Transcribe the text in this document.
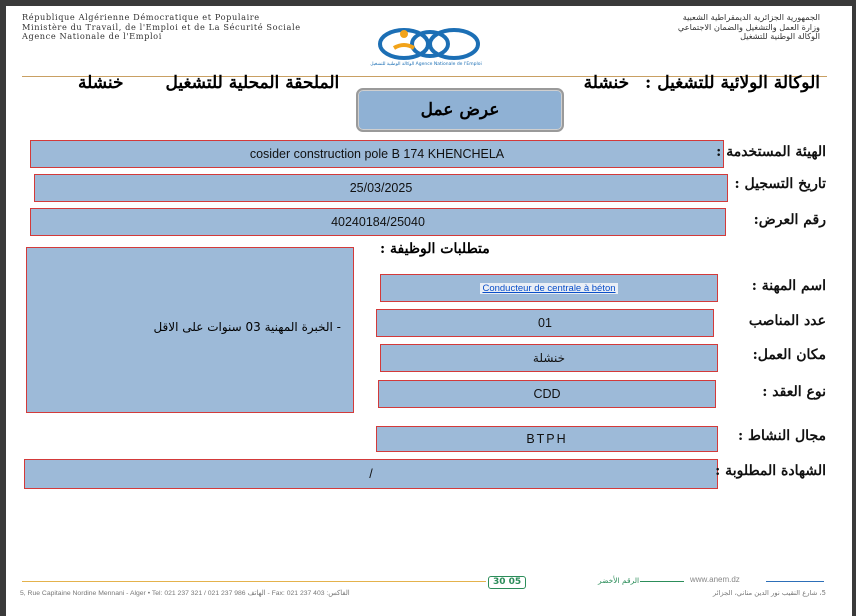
République Algérienne Démocratique et Populaire
Ministère du Travail, de l'Emploi et de La Sécurité Sociale
Agence Nationale de l'Emploi
الجمهورية الجزائرية الديمقراطية الشعبية
وزارة العمل والتشغيل والضمان الاجتماعي
الوكالة الوطنية للتشغيل
الوكالة الوطنية للتشغيل Agence Nationale de l'Emploi
الوكالة الولائية للتشغيل : خنشلة
الملحقة المحلية للتشغيل خنشلة
عرض عمل
cosider construction pole B 174 KHENCHELA	الهيئة المستخدمة :
25/03/2025	تاريخ التسجيل :
40240184/25040	رقم العرض:
متطلبات الوظيفة :
- الخبرة المهنية 03 سنوات على الاقل
Conducteur de centrale à béton	اسم المهنة :
01	عدد المناصب
خنشلة	مكان العمل:
CDD	نوع العقد :
BTPH	مجال النشاط :
/	الشهادة المطلوبة :
30 05	الرقم الأخضر	www.anem.dz
5, Rue Capitaine Nordine Mennani - Alger • Tel: 021 237 321 / 021 237 986 الهاتف - Fax: 021 237 403 :الفاكس	5، شارع النقيب نور الدين مناني، الجزائر
